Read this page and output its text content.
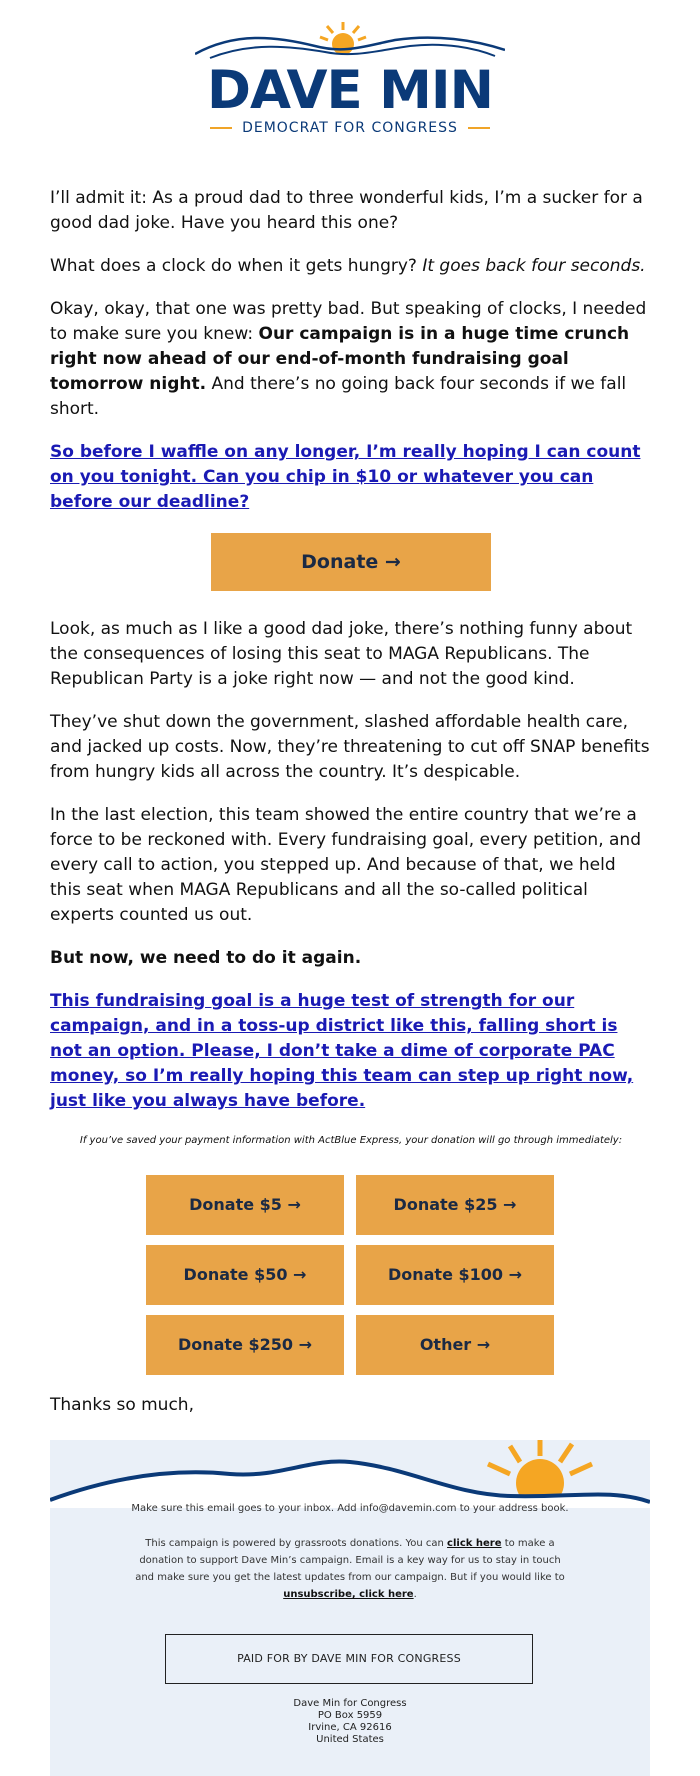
DAVE MIN
DEMOCRAT FOR CONGRESS

I’ll admit it: As a proud dad to three wonderful kids, I’m a sucker for a good dad joke. Have you heard this one?

What does a clock do when it gets hungry? It goes back four seconds.

Okay, okay, that one was pretty bad. But speaking of clocks, I needed to make sure you knew: Our campaign is in a huge time crunch right now ahead of our end-of-month fundraising goal tomorrow night. And there’s no going back four seconds if we fall short.

So before I waffle on any longer, I’m really hoping I can count on you tonight. Can you chip in $10 or whatever you can before our deadline?

Donate →

Look, as much as I like a good dad joke, there’s nothing funny about the consequences of losing this seat to MAGA Republicans. The Republican Party is a joke right now — and not the good kind.

They’ve shut down the government, slashed affordable health care, and jacked up costs. Now, they’re threatening to cut off SNAP benefits from hungry kids all across the country. It’s despicable.

In the last election, this team showed the entire country that we’re a force to be reckoned with. Every fundraising goal, every petition, and every call to action, you stepped up. And because of that, we held this seat when MAGA Republicans and all the so-called political experts counted us out.

But now, we need to do it again.

This fundraising goal is a huge test of strength for our campaign, and in a toss-up district like this, falling short is not an option. Please, I don’t take a dime of corporate PAC money, so I’m really hoping this team can step up right now, just like you always have before.

If you’ve saved your payment information with ActBlue Express, your donation will go through immediately:
Donate $5 →	Donate $25 →
Donate $50 →	Donate $100 →
Donate $250 →	Other →

Thanks so much,

Make sure this email goes to your inbox. Add info@davemin.com to your address book.
This campaign is powered by grassroots donations. You can click here to make a donation to support Dave Min’s campaign. Email is a key way for us to stay in touch and make sure you get the latest updates from our campaign. But if you would like to unsubscribe, click here.
PAID FOR BY DAVE MIN FOR CONGRESS
Dave Min for Congress
PO Box 5959
Irvine, CA 92616
United States
